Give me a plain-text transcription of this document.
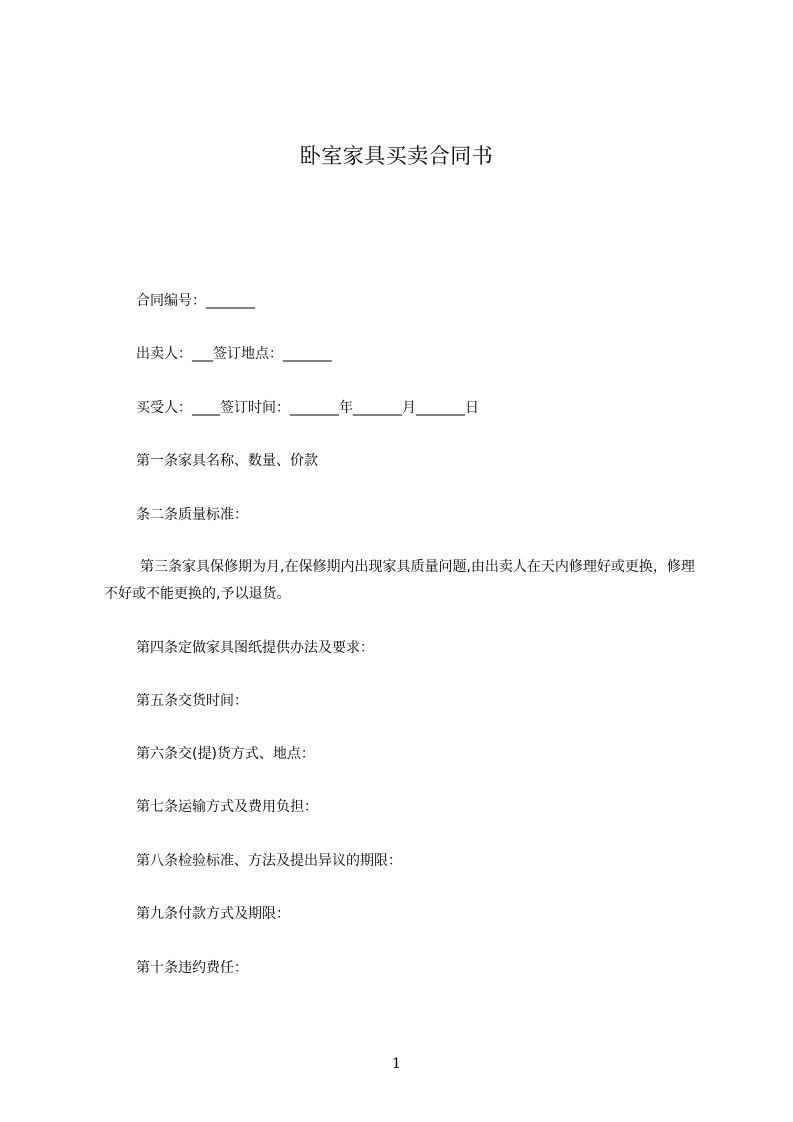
卧室家具买卖合同书
合同编号：_______
出卖人：___签订地点：_______
买受人：____签订时间：_______年_______月_______日
第一条家具名称、数量、价款
条二条质量标准：
第三条家具保修期为月,在保修期内出现家具质量问题,由出卖人在天内修理好或更换，修理不好或不能更换的,予以退货。
第四条定做家具图纸提供办法及要求：
第五条交货时间：
第六条交(提)货方式、地点：
第七条运输方式及费用负担：
第八条检验标准、方法及提出异议的期限：
第九条付款方式及期限：
第十条违约费任：
1
